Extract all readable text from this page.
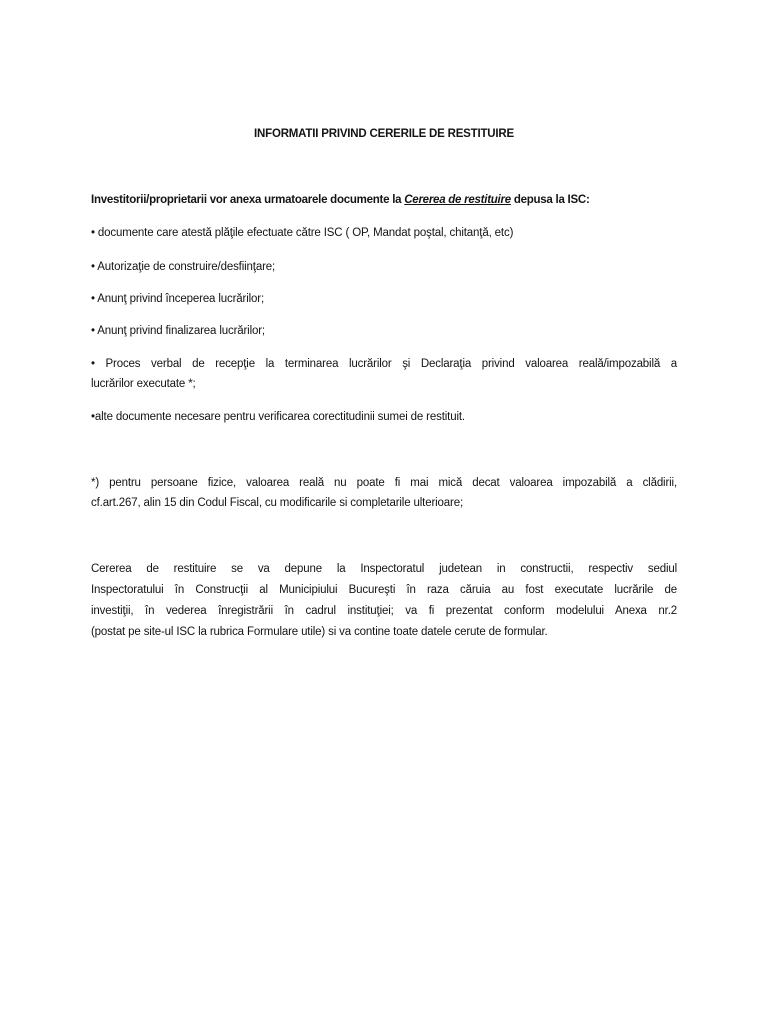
INFORMATII PRIVIND CERERILE DE RESTITUIRE
Investitorii/proprietarii vor anexa urmatoarele documente la Cererea de restituire depusa la ISC:
• documente care atestă plăţile efectuate către ISC ( OP, Mandat poştal, chitanţă, etc)
• Autorizaţie de construire/desfiinţare;
• Anunţ privind începerea lucrărilor;
• Anunţ privind finalizarea lucrărilor;
• Proces verbal de recepţie la terminarea lucrărilor şi Declaraţia privind valoarea reală/impozabilă a
lucrărilor executate *;
•alte documente necesare pentru verificarea corectitudinii sumei de restituit.
*) pentru persoane fizice, valoarea reală nu poate fi mai mică decat valoarea impozabilă a clădirii,
cf.art.267, alin 15 din Codul Fiscal, cu modificarile si completarile ulterioare;
Cererea de restituire se va depune la Inspectoratul judetean in constructii, respectiv sediul
Inspectoratului în Construcţii al Municipiului Bucureşti în raza căruia au fost executate lucrările de
investiţii, în vederea înregistrării în cadrul instituţiei; va fi prezentat conform modelului Anexa nr.2
(postat pe site-ul ISC la rubrica Formulare utile) si va contine toate datele cerute de formular.
